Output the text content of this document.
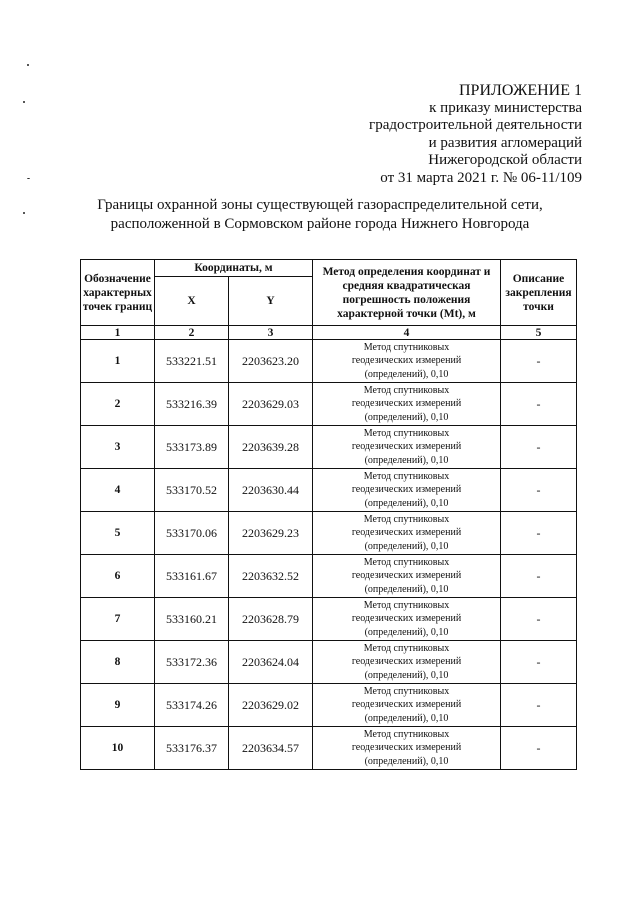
ПРИЛОЖЕНИЕ 1
к приказу министерства
градостроительной деятельности
и развития агломераций
Нижегородской области
от 31 марта 2021 г. № 06-11/109
Границы охранной зоны существующей газораспределительной сети,
расположенной в Сормовском районе города Нижнего Новгорода
Обозначение характерных точек границ	Координаты, м		Метод определения координат и средняя квадратическая погрешность положения характерной точки (Mt), м	Описание закрепления точки
	X	Y		
1	2	3	4	5
1	533221.51	2203623.20	Метод спутниковых
геодезических измерений
(определений), 0,10	-
2	533216.39	2203629.03	Метод спутниковых
геодезических измерений
(определений), 0,10	-
3	533173.89	2203639.28	Метод спутниковых
геодезических измерений
(определений), 0,10	-
4	533170.52	2203630.44	Метод спутниковых
геодезических измерений
(определений), 0,10	-
5	533170.06	2203629.23	Метод спутниковых
геодезических измерений
(определений), 0,10	-
6	533161.67	2203632.52	Метод спутниковых
геодезических измерений
(определений), 0,10	-
7	533160.21	2203628.79	Метод спутниковых
геодезических измерений
(определений), 0,10	-
8	533172.36	2203624.04	Метод спутниковых
геодезических измерений
(определений), 0,10	-
9	533174.26	2203629.02	Метод спутниковых
геодезических измерений
(определений), 0,10	-
10	533176.37	2203634.57	Метод спутниковых
геодезических измерений
(определений), 0,10	-
